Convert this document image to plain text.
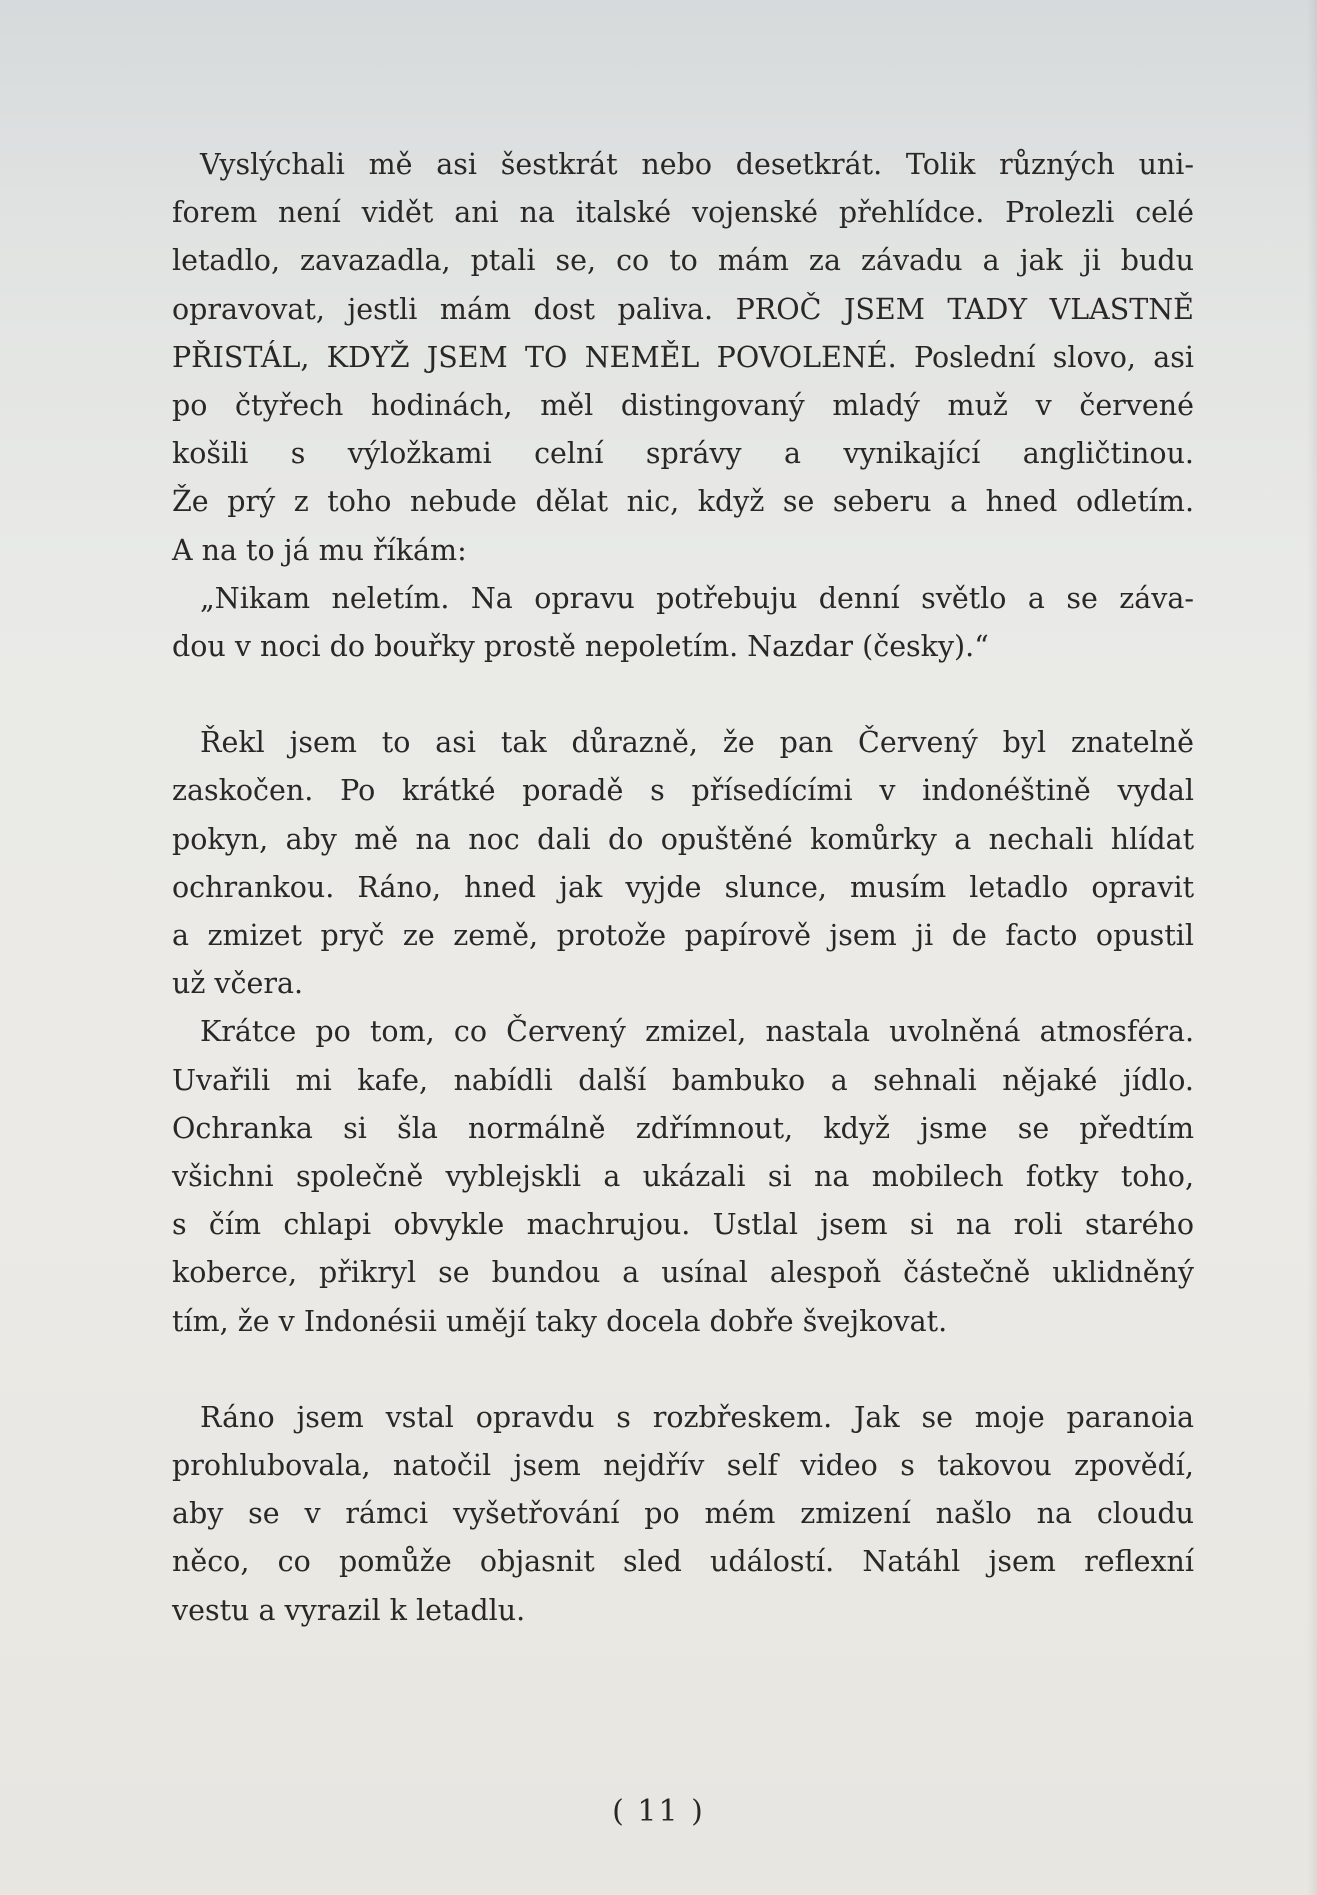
Vyslýchali mě asi šestkrát nebo desetkrát. Tolik různých uni-
forem není vidět ani na italské vojenské přehlídce. Prolezli celé
letadlo, zavazadla, ptali se, co to mám za závadu a jak ji budu
opravovat, jestli mám dost paliva. PROČ JSEM TADY VLASTNĚ
PŘISTÁL, KDYŽ JSEM TO NEMĚL POVOLENÉ. Poslední slovo, asi
po čtyřech hodinách, měl distingovaný mladý muž v červené
košili s výložkami celní správy a vynikající angličtinou.
Že prý z toho nebude dělat nic, když se seberu a hned odletím.
A na to já mu říkám:

„Nikam neletím. Na opravu potřebuju denní světlo a se záva-
dou v noci do bouřky prostě nepoletím. Nazdar (česky).“

Řekl jsem to asi tak důrazně, že pan Červený byl znatelně
zaskočen. Po krátké poradě s přísedícími v indonéštině vydal
pokyn, aby mě na noc dali do opuštěné komůrky a nechali hlídat
ochrankou. Ráno, hned jak vyjde slunce, musím letadlo opravit
a zmizet pryč ze země, protože papírově jsem ji de facto opustil
už včera.

Krátce po tom, co Červený zmizel, nastala uvolněná atmosféra.
Uvařili mi kafe, nabídli další bambuko a sehnali nějaké jídlo.
Ochranka si šla normálně zdřímnout, když jsme se předtím
všichni společně vyblejskli a ukázali si na mobilech fotky toho,
s čím chlapi obvykle machrujou. Ustlal jsem si na roli starého
koberce, přikryl se bundou a usínal alespoň částečně uklidněný
tím, že v Indonésii umějí taky docela dobře švejkovat.

Ráno jsem vstal opravdu s rozbřeskem. Jak se moje paranoia
prohlubovala, natočil jsem nejdřív self video s takovou zpovědí,
aby se v rámci vyšetřování po mém zmizení našlo na cloudu
něco, co pomůže objasnit sled událostí. Natáhl jsem reflexní
vestu a vyrazil k letadlu.

( 11 )
